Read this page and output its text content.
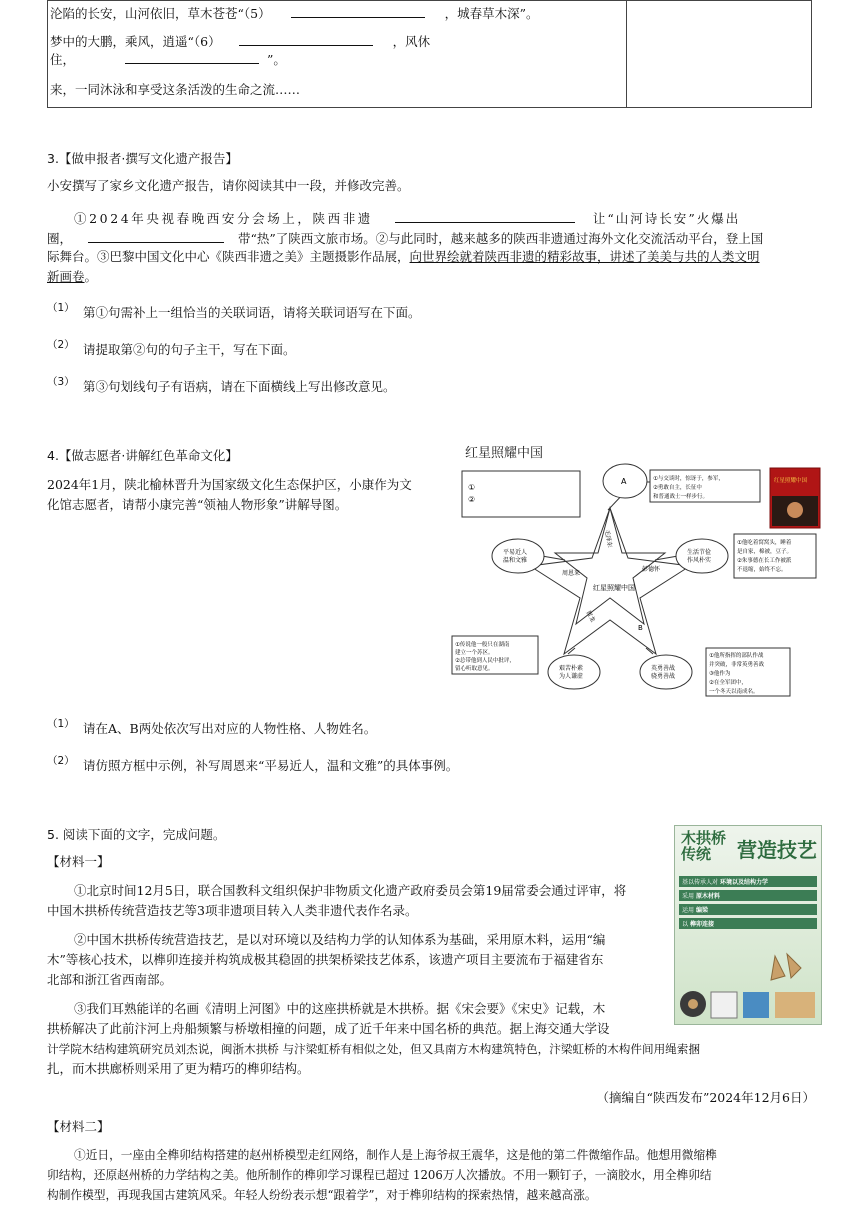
沦陷的长安，山河依旧，草木苍苍“（5）	，城春草木深”。
梦中的大鹏，乘风，逍遥“（6）	，风休
住，	”。
来，一同沐泳和享受这条活泼的生命之流……

3.【做申报者·撰写文化遗产报告】
小安撰写了家乡文化遗产报告，请你阅读其中一段，并修改完善。
①2024年央视春晚西安分会场上，陕西非遗	让“山河诗长安”火爆出
圈，	带“热”了陕西文旅市场。②与此同时，越来越多的陕西非遗通过海外文化交流活动平台，登上国
际舞台。③巴黎中国文化中心《陕西非遗之美》主题摄影作品展，向世界绘就着陕西非遗的精彩故事，讲述了美美与共的人类文明
新画卷。
（1） 第①句需补上一组恰当的关联词语，请将关联词语写在下面。
（2） 请提取第②句的句子主干，写在下面。
（3） 第③句划线句子有语病，请在下面横线上写出修改意见。
4.【做志愿者·讲解红色革命文化】
2024年1月，陕北榆林晋升为国家级文化生态保护区，小康作为文
化馆志愿者，请帮小康完善“领袖人物形象”讲解导图。
红星照耀中国
①
②
红星照耀中国
毛泽东
周恩来
彭德怀
贺龙
B
A
平易近人
温和文雅
生活节俭
作风朴实
艰苦朴素
为人谦虚
英勇善战
骁勇善战
①与交谈时，惊讶于，参军，
②勇敢自主，长征中
和普通战士一样步行。
①他吃着窝窝头，睡着
是自家，棉被，豆子。
②朱事德在长工作被派
不退缩，始终不忘。
①传说他一般只在湖南
建立一个苏区。
②总带他到人民中批评，
留心听取意见。
①他所指挥的部队作战
并突破，非常英勇善战
③他作为
②在全军团中，
一个冬天以南成名。
红星照耀中国
（1） 请在A、B两处依次写出对应的人物性格、人物姓名。
（2） 请仿照方框中示例，补写周恩来“平易近人，温和文雅”的具体事例。
5. 阅读下面的文字，完成问题。
【材料一】
①北京时间12月5日，联合国教科文组织保护非物质文化遗产政府委员会第19届常委会通过评审，将
中国木拱桥传统营造技艺等3项非遗项目转入人类非遗代表作名录。
②中国木拱桥传统营造技艺，是以对环境以及结构力学的认知体系为基础，采用原木料，运用“编
木”等核心技术，以榫卯连接并构筑成极其稳固的拱架桥梁技艺体系，该遗产项目主要流布于福建省东
北部和浙江省西南部。
③我们耳熟能详的名画《清明上河图》中的这座拱桥就是木拱桥。据《宋会要》《宋史》记载，木
拱桥解决了此前汴河上舟船频繁与桥墩相撞的问题，成了近千年来中国名桥的典范。据上海交通大学设
计学院木结构建筑研究员刘杰说，闽浙木拱桥 与汴梁虹桥有相似之处，但又具南方木构建筑特色，汴梁虹桥的木构件间用绳索捆
扎，而木拱廊桥则采用了更为精巧的榫卯结构。
（摘编自“陕西发布”2024年12月6日）
【材料二】
①近日，一座由全榫卯结构搭建的赵州桥模型走红网络，制作人是上海爷叔王震华，这是他的第二件微缩作品。他想用微缩榫
卯结构，还原赵州桥的力学结构之美。他所制作的榫卯学习课程已超过 1206万人次播放。不用一颗钉子，一滴胶水，用全榫卯结
构制作模型，再现我国古建筑风采。年轻人纷纷表示想“跟着学”，对于榫卯结构的探索热情，越来越高涨。
木拱桥
传统	营造技艺
基以传承人对 环境以及结构力学
采用 原木材料
运用 编梁
以 榫卯连接
